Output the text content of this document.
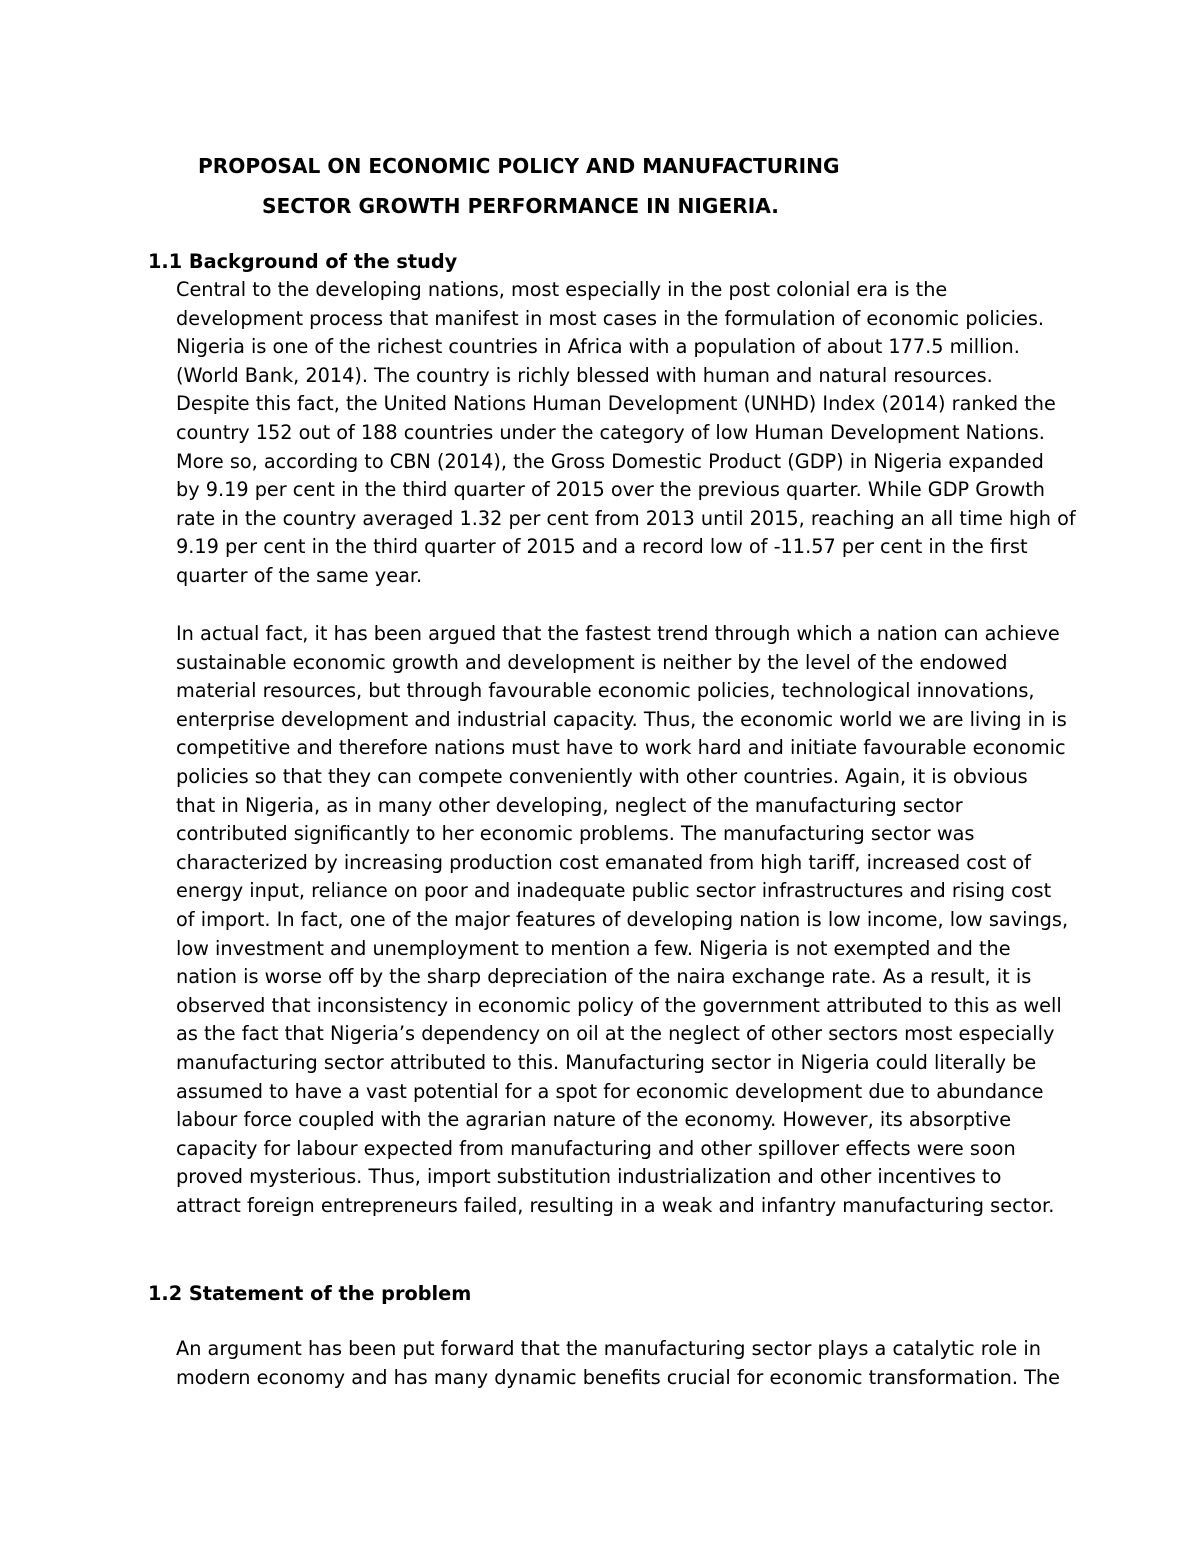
PROPOSAL ON ECONOMIC POLICY AND MANUFACTURING
SECTOR GROWTH PERFORMANCE IN NIGERIA.
1.1 Background of the study

Central to the developing nations, most especially in the post colonial era is the
development process that manifest in most cases in the formulation of economic policies.
Nigeria is one of the richest countries in Africa with a population of about 177.5 million.
(World Bank, 2014). The country is richly blessed with human and natural resources.
Despite this fact, the United Nations Human Development (UNHD) Index (2014) ranked the
country 152 out of 188 countries under the category of low Human Development Nations.
More so, according to CBN (2014), the Gross Domestic Product (GDP) in Nigeria expanded
by 9.19 per cent in the third quarter of 2015 over the previous quarter. While GDP Growth
rate in the country averaged 1.32 per cent from 2013 until 2015, reaching an all time high of
9.19 per cent in the third quarter of 2015 and a record low of -11.57 per cent in the first
quarter of the same year.

In actual fact, it has been argued that the fastest trend through which a nation can achieve
sustainable economic growth and development is neither by the level of the endowed
material resources, but through favourable economic policies, technological innovations,
enterprise development and industrial capacity. Thus, the economic world we are living in is
competitive and therefore nations must have to work hard and initiate favourable economic
policies so that they can compete conveniently with other countries. Again, it is obvious
that in Nigeria, as in many other developing, neglect of the manufacturing sector
contributed significantly to her economic problems. The manufacturing sector was
characterized by increasing production cost emanated from high tariff, increased cost of
energy input, reliance on poor and inadequate public sector infrastructures and rising cost
of import. In fact, one of the major features of developing nation is low income, low savings,
low investment and unemployment to mention a few. Nigeria is not exempted and the
nation is worse off by the sharp depreciation of the naira exchange rate. As a result, it is
observed that inconsistency in economic policy of the government attributed to this as well
as the fact that Nigeria’s dependency on oil at the neglect of other sectors most especially
manufacturing sector attributed to this. Manufacturing sector in Nigeria could literally be
assumed to have a vast potential for a spot for economic development due to abundance
labour force coupled with the agrarian nature of the economy. However, its absorptive
capacity for labour expected from manufacturing and other spillover effects were soon
proved mysterious. Thus, import substitution industrialization and other incentives to
attract foreign entrepreneurs failed, resulting in a weak and infantry manufacturing sector.

1.2 Statement of the problem

An argument has been put forward that the manufacturing sector plays a catalytic role in
modern economy and has many dynamic benefits crucial for economic transformation. The
